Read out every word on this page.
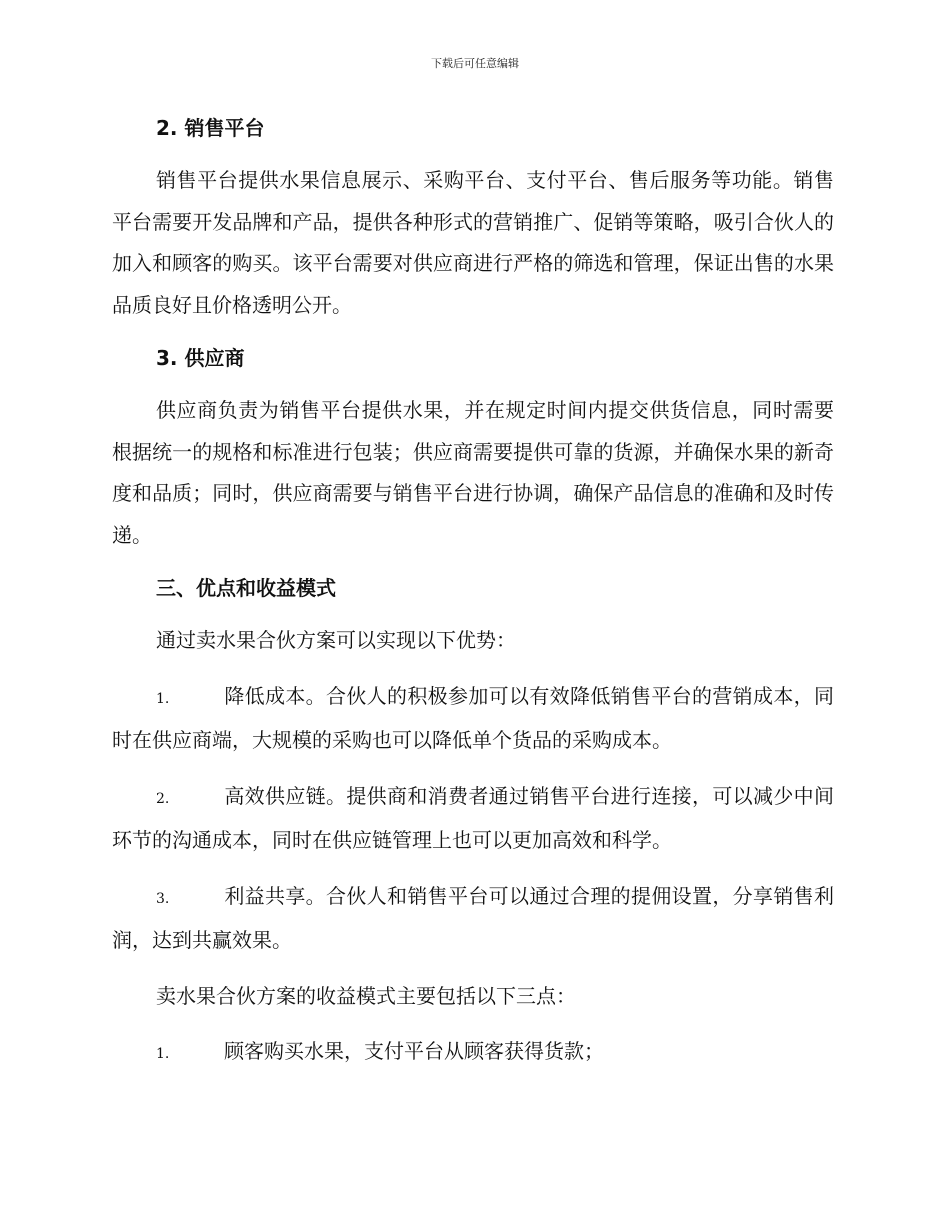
下载后可任意编辑
2. 销售平台

销售平台提供水果信息展示、采购平台、支付平台、售后服务等功能。销售平台需要开发品牌和产品，提供各种形式的营销推广、促销等策略，吸引合伙人的加入和顾客的购买。该平台需要对供应商进行严格的筛选和管理，保证出售的水果品质良好且价格透明公开。

3. 供应商

供应商负责为销售平台提供水果，并在规定时间内提交供货信息，同时需要根据统一的规格和标准进行包装；供应商需要提供可靠的货源，并确保水果的新奇度和品质；同时，供应商需要与销售平台进行协调，确保产品信息的准确和及时传递。

三、优点和收益模式

通过卖水果合伙方案可以实现以下优势：

1.	降低成本。合伙人的积极参加可以有效降低销售平台的营销成本，同时在供应商端，大规模的采购也可以降低单个货品的采购成本。

2.	高效供应链。提供商和消费者通过销售平台进行连接，可以减少中间环节的沟通成本，同时在供应链管理上也可以更加高效和科学。

3.	利益共享。合伙人和销售平台可以通过合理的提佣设置，分享销售利润，达到共赢效果。

卖水果合伙方案的收益模式主要包括以下三点：

1.	顾客购买水果，支付平台从顾客获得货款；
